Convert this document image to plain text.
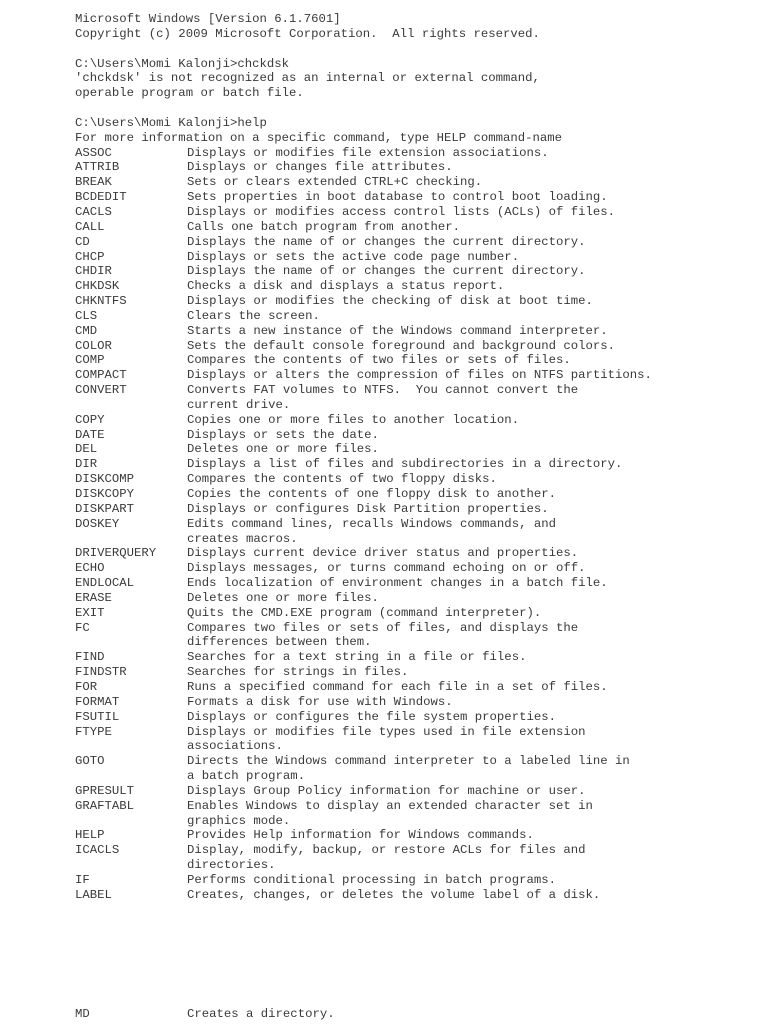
Microsoft Windows [Version 6.1.7601]
Copyright (c) 2009 Microsoft Corporation.  All rights reserved.
C:\Users\Momi Kalonji>chckdsk
'chckdsk' is not recognized as an internal or external command,
operable program or batch file.
C:\Users\Momi Kalonji>help
For more information on a specific command, type HELP command-name
ASSOC	Displays or modifies file extension associations.
ATTRIB	Displays or changes file attributes.
BREAK	Sets or clears extended CTRL+C checking.
BCDEDIT	Sets properties in boot database to control boot loading.
CACLS	Displays or modifies access control lists (ACLs) of files.
CALL	Calls one batch program from another.
CD	Displays the name of or changes the current directory.
CHCP	Displays or sets the active code page number.
CHDIR	Displays the name of or changes the current directory.
CHKDSK	Checks a disk and displays a status report.
CHKNTFS	Displays or modifies the checking of disk at boot time.
CLS	Clears the screen.
CMD	Starts a new instance of the Windows command interpreter.
COLOR	Sets the default console foreground and background colors.
COMP	Compares the contents of two files or sets of files.
COMPACT	Displays or alters the compression of files on NTFS partitions.
CONVERT	Converts FAT volumes to NTFS.  You cannot convert the
current drive.
COPY	Copies one or more files to another location.
DATE	Displays or sets the date.
DEL	Deletes one or more files.
DIR	Displays a list of files and subdirectories in a directory.
DISKCOMP	Compares the contents of two floppy disks.
DISKCOPY	Copies the contents of one floppy disk to another.
DISKPART	Displays or configures Disk Partition properties.
DOSKEY	Edits command lines, recalls Windows commands, and
creates macros.
DRIVERQUERY	Displays current device driver status and properties.
ECHO	Displays messages, or turns command echoing on or off.
ENDLOCAL	Ends localization of environment changes in a batch file.
ERASE	Deletes one or more files.
EXIT	Quits the CMD.EXE program (command interpreter).
FC	Compares two files or sets of files, and displays the
differences between them.
FIND	Searches for a text string in a file or files.
FINDSTR	Searches for strings in files.
FOR	Runs a specified command for each file in a set of files.
FORMAT	Formats a disk for use with Windows.
FSUTIL	Displays or configures the file system properties.
FTYPE	Displays or modifies file types used in file extension
associations.
GOTO	Directs the Windows command interpreter to a labeled line in
a batch program.
GPRESULT	Displays Group Policy information for machine or user.
GRAFTABL	Enables Windows to display an extended character set in
graphics mode.
HELP	Provides Help information for Windows commands.
ICACLS	Display, modify, backup, or restore ACLs for files and
directories.
IF	Performs conditional processing in batch programs.
LABEL	Creates, changes, or deletes the volume label of a disk.
MD	Creates a directory.
